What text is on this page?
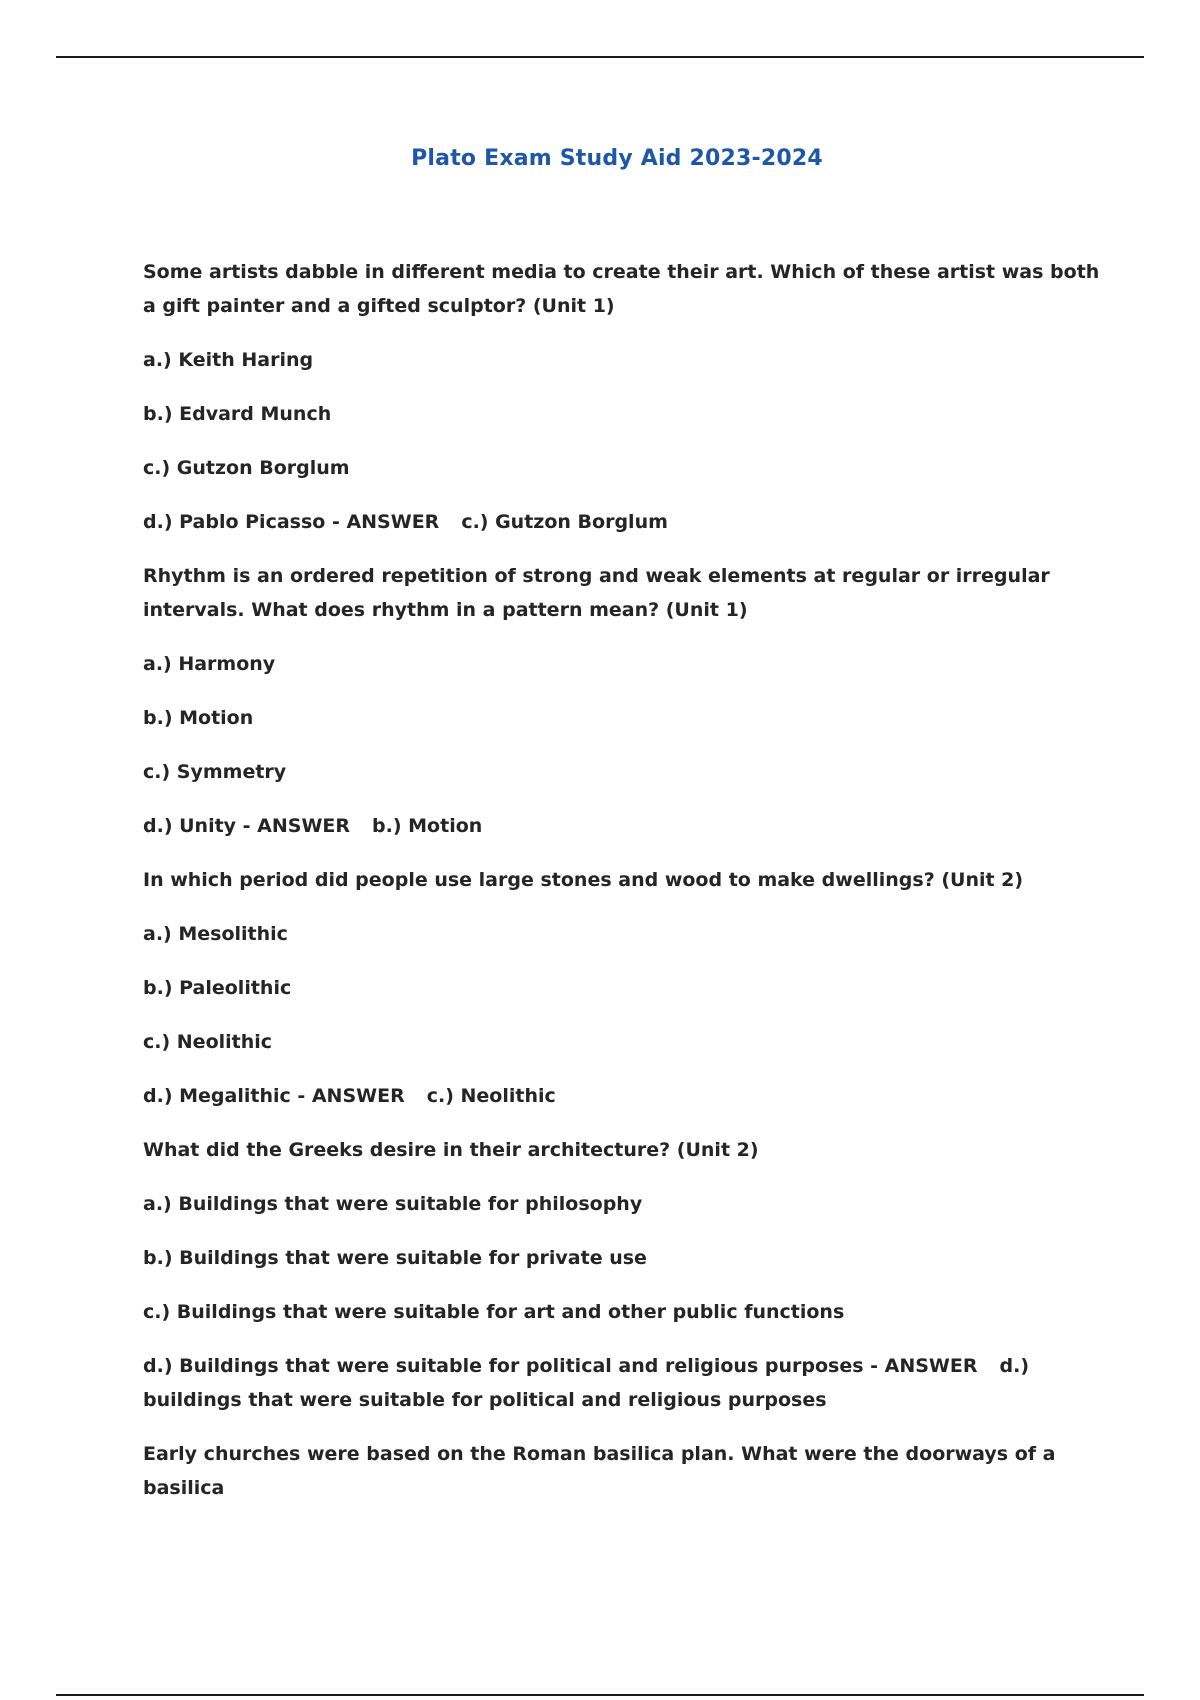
Plato Exam Study Aid 2023-2024

Some artists dabble in different media to create their art. Which of these artist was both a gift painter and a gifted sculptor? (Unit 1)

a.) Keith Haring

b.) Edvard Munch

c.) Gutzon Borglum

d.) Pablo Picasso - ANSWER c.) Gutzon Borglum

Rhythm is an ordered repetition of strong and weak elements at regular or irregular intervals. What does rhythm in a pattern mean? (Unit 1)

a.) Harmony

b.) Motion

c.) Symmetry

d.) Unity - ANSWER b.) Motion

In which period did people use large stones and wood to make dwellings? (Unit 2)

a.) Mesolithic

b.) Paleolithic

c.) Neolithic

d.) Megalithic - ANSWER c.) Neolithic

What did the Greeks desire in their architecture? (Unit 2)

a.) Buildings that were suitable for philosophy

b.) Buildings that were suitable for private use

c.) Buildings that were suitable for art and other public functions

d.) Buildings that were suitable for political and religious purposes - ANSWER d.) buildings that were suitable for political and religious purposes

Early churches were based on the Roman basilica plan. What were the doorways of a basilica
